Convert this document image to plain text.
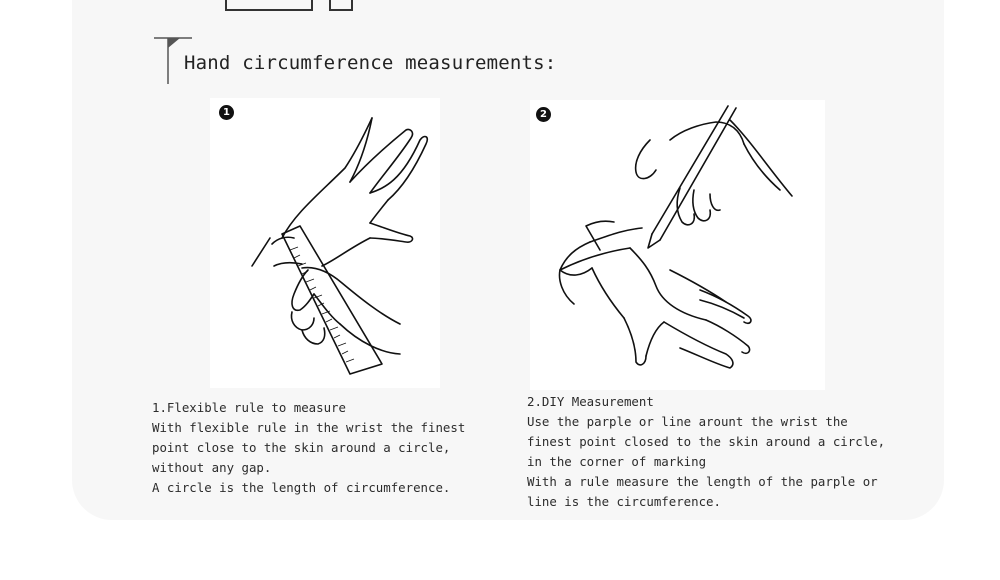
Hand circumference measurements:
1	2
1.Flexible rule to measure
With flexible rule in the wrist the finest
point close to the skin around a circle,
without any gap.
A circle is the length of circumference.
2.DIY Measurement
Use the parple or line arount the wrist the
finest point closed to the skin around a circle,
in the corner of marking
With a rule measure the length of the parple or
line is the circumference.
